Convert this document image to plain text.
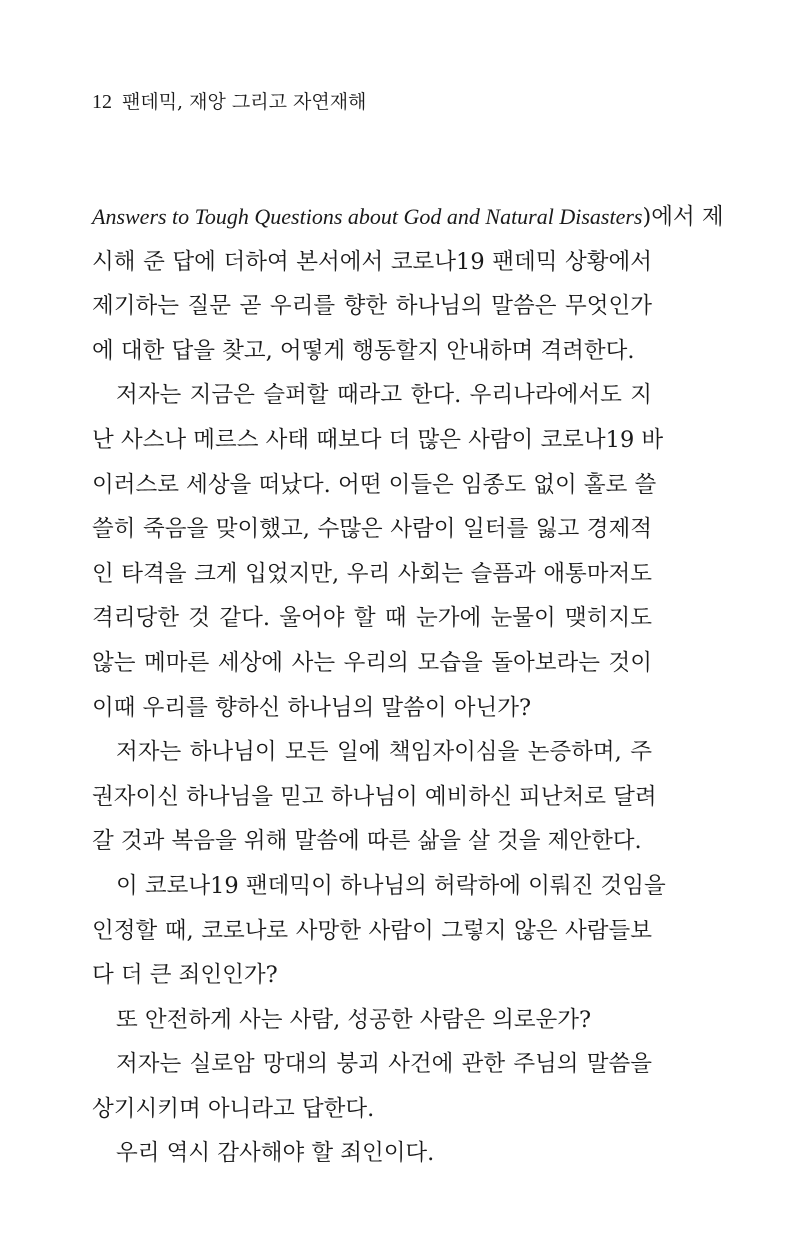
12 팬데믹, 재앙 그리고 자연재해
Answers to Tough Questions about God and Natural Disasters)에서 제
시해 준 답에 더하여 본서에서 코로나19 팬데믹 상황에서
제기하는 질문 곧 우리를 향한 하나님의 말씀은 무엇인가
에 대한 답을 찾고, 어떻게 행동할지 안내하며 격려한다.
저자는 지금은 슬퍼할 때라고 한다. 우리나라에서도 지
난 사스나 메르스 사태 때보다 더 많은 사람이 코로나19 바
이러스로 세상을 떠났다. 어떤 이들은 임종도 없이 홀로 쓸
쓸히 죽음을 맞이했고, 수많은 사람이 일터를 잃고 경제적
인 타격을 크게 입었지만, 우리 사회는 슬픔과 애통마저도
격리당한 것 같다. 울어야 할 때 눈가에 눈물이 맺히지도
않는 메마른 세상에 사는 우리의 모습을 돌아보라는 것이
이때 우리를 향하신 하나님의 말씀이 아닌가?
저자는 하나님이 모든 일에 책임자이심을 논증하며, 주
권자이신 하나님을 믿고 하나님이 예비하신 피난처로 달려
갈 것과 복음을 위해 말씀에 따른 삶을 살 것을 제안한다.
이 코로나19 팬데믹이 하나님의 허락하에 이뤄진 것임을
인정할 때, 코로나로 사망한 사람이 그렇지 않은 사람들보
다 더 큰 죄인인가?
또 안전하게 사는 사람, 성공한 사람은 의로운가?
저자는 실로암 망대의 붕괴 사건에 관한 주님의 말씀을
상기시키며 아니라고 답한다.
우리 역시 감사해야 할 죄인이다.
